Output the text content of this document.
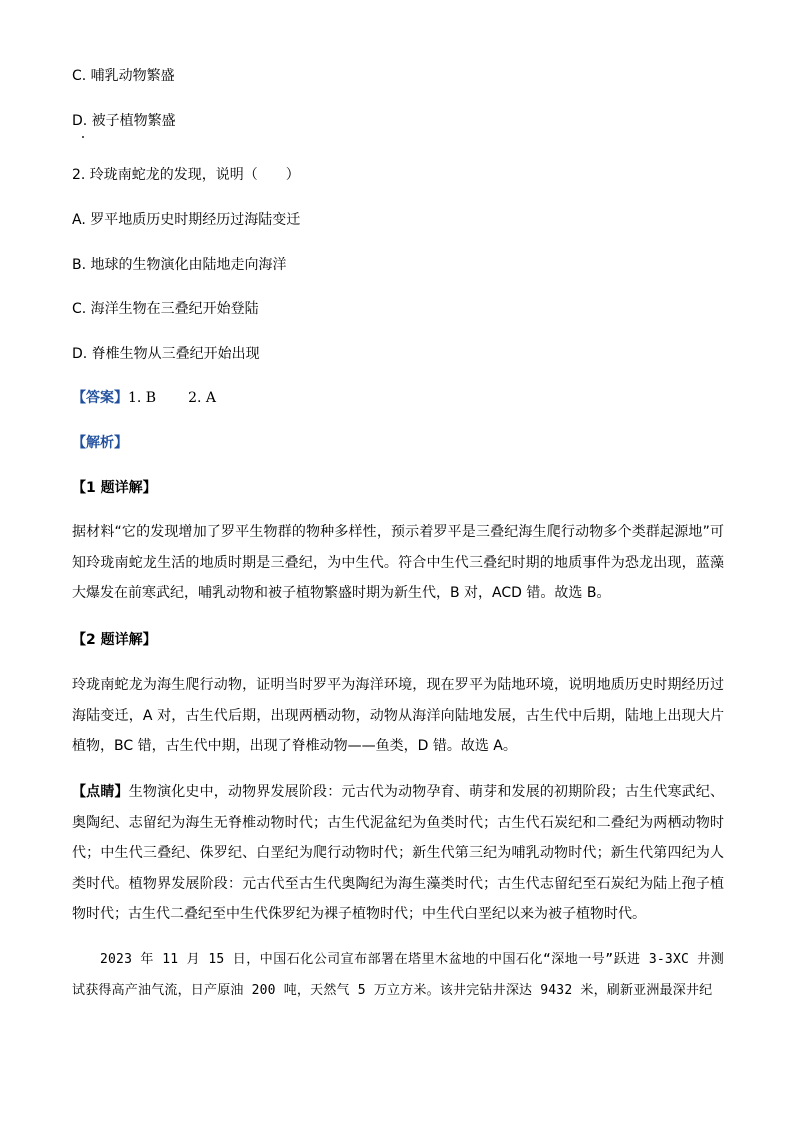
C. 哺乳动物繁盛
D. 被子植物繁盛
2. 玲珑南蛇龙的发现，说明（　　）
A. 罗平地质历史时期经历过海陆变迁
B. 地球的生物演化由陆地走向海洋
C. 海洋生物在三叠纪开始登陆
D. 脊椎生物从三叠纪开始出现
【答案】1. B 2. A
【解析】
【1 题详解】
据材料“它的发现增加了罗平生物群的物种多样性，预示着罗平是三叠纪海生爬行动物多个类群起源地”可知玲珑南蛇龙生活的地质时期是三叠纪，为中生代。符合中生代三叠纪时期的地质事件为恐龙出现，蓝藻大爆发在前寒武纪，哺乳动物和被子植物繁盛时期为新生代，B 对，ACD 错。故选 B。
【2 题详解】
玲珑南蛇龙为海生爬行动物，证明当时罗平为海洋环境，现在罗平为陆地环境，说明地质历史时期经历过海陆变迁，A 对，古生代后期，出现两栖动物，动物从海洋向陆地发展，古生代中后期，陆地上出现大片植物，BC 错，古生代中期，出现了脊椎动物——鱼类，D 错。故选 A。
【点睛】生物演化史中，动物界发展阶段：元古代为动物孕育、萌芽和发展的初期阶段；古生代寒武纪、奥陶纪、志留纪为海生无脊椎动物时代；古生代泥盆纪为鱼类时代；古生代石炭纪和二叠纪为两栖动物时代；中生代三叠纪、侏罗纪、白垩纪为爬行动物时代；新生代第三纪为哺乳动物时代；新生代第四纪为人类时代。植物界发展阶段：元古代至古生代奥陶纪为海生藻类时代；古生代志留纪至石炭纪为陆上孢子植物时代；古生代二叠纪至中生代侏罗纪为裸子植物时代；中生代白垩纪以来为被子植物时代。
2023 年 11 月 15 日，中国石化公司宣布部署在塔里木盆地的中国石化“深地一号”跃进 3-3XC 井测试获得高产油气流，日产原油 200 吨，天然气 5 万立方米。该井完钻井深达 9432 米，刷新亚洲最深井纪
